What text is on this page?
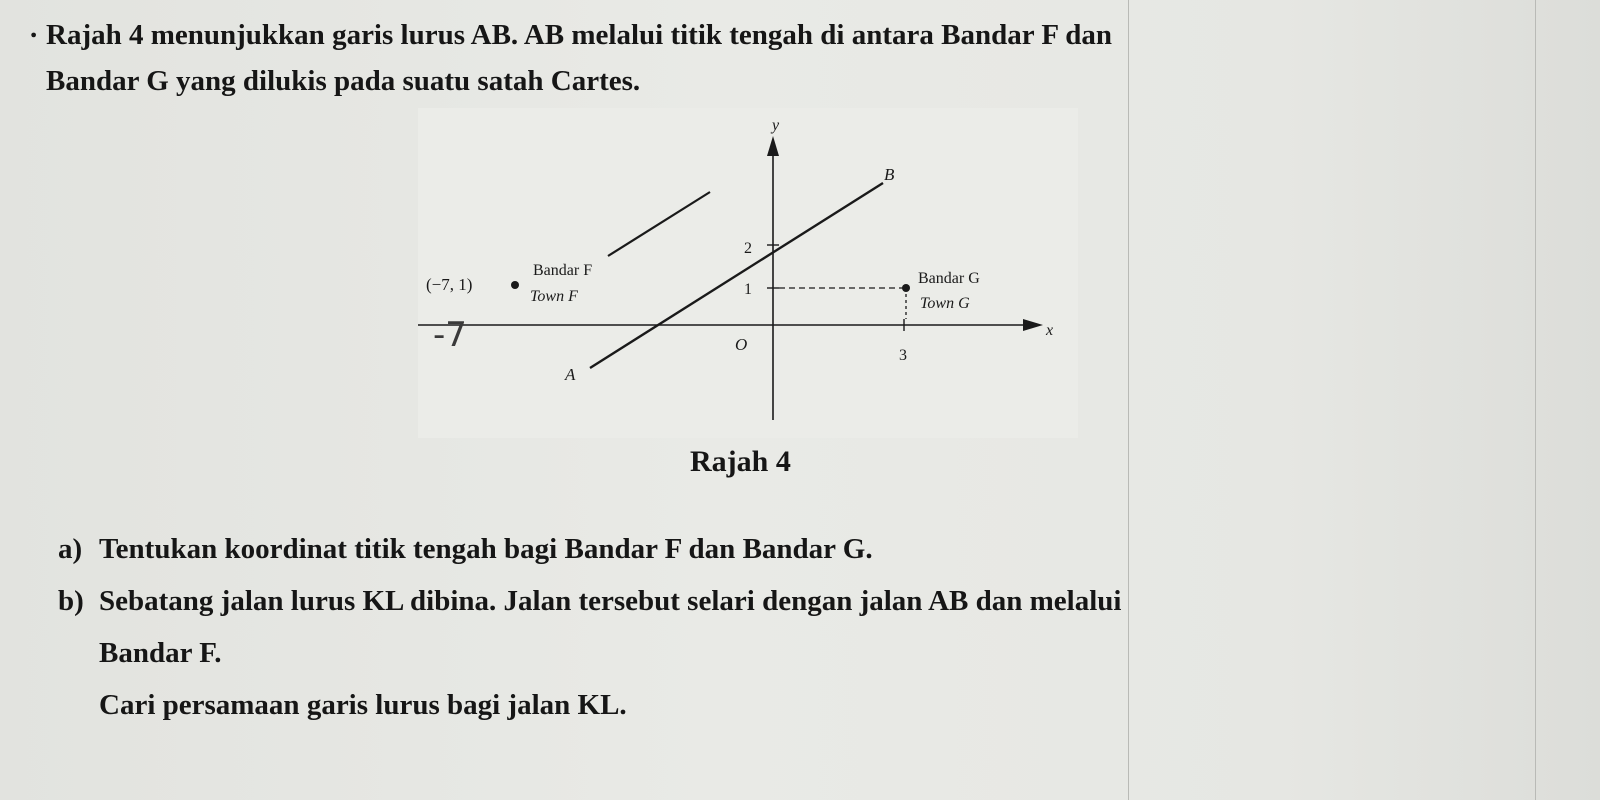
. Rajah 4 menunjukkan garis lurus AB. AB melalui titik tengah di antara Bandar F dan
Bandar G yang dilukis pada suatu satah Cartes.

y
x
O
B
A
2
1
3
(−7, 1)
Bandar F
Town F
Bandar G
Town G
-7
Rajah 4
a) Tentukan koordinat titik tengah bagi Bandar F dan Bandar G.
b) Sebatang jalan lurus KL dibina. Jalan tersebut selari dengan jalan AB dan melalui
Bandar F.
Cari persamaan garis lurus bagi jalan KL.
